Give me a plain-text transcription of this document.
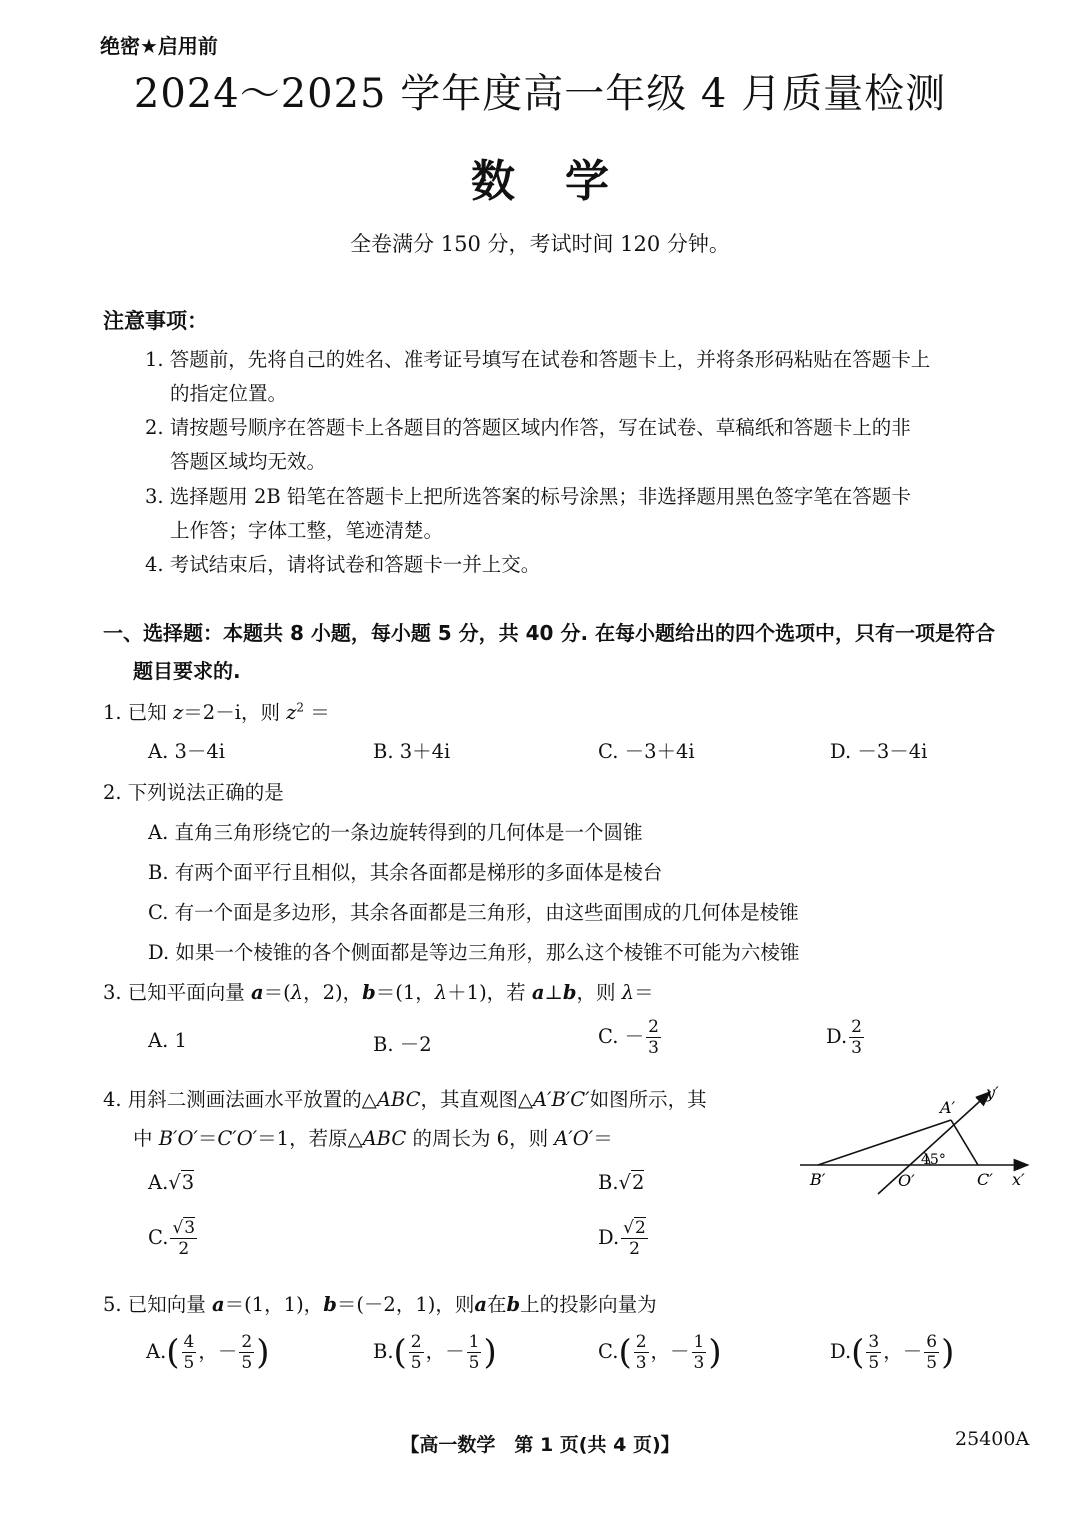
绝密★启用前
2024～2025 学年度高一年级 4 月质量检测
数学
全卷满分 150 分，考试时间 120 分钟。
注意事项：
1. 答题前，先将自己的姓名、准考证号填写在试卷和答题卡上，并将条形码粘贴在答题卡上
的指定位置。
2. 请按题号顺序在答题卡上各题目的答题区域内作答，写在试卷、草稿纸和答题卡上的非
答题区域均无效。
3. 选择题用 2B 铅笔在答题卡上把所选答案的标号涂黑；非选择题用黑色签字笔在答题卡
上作答；字体工整，笔迹清楚。
4. 考试结束后，请将试卷和答题卡一并上交。
一、选择题：本题共 8 小题，每小题 5 分，共 40 分. 在每小题给出的四个选项中，只有一项是符合
题目要求的.
1. 已知 z＝2－i，则 $z^2$ ＝
A. 3－4i	B. 3＋4i	C. －3＋4i	D. －3－4i
2. 下列说法正确的是
A. 直角三角形绕它的一条边旋转得到的几何体是一个圆锥
B. 有两个面平行且相似，其余各面都是梯形的多面体是棱台
C. 有一个面是多边形，其余各面都是三角形，由这些面围成的几何体是棱锥
D. 如果一个棱锥的各个侧面都是等边三角形，那么这个棱锥不可能为六棱锥
3. 已知平面向量 a＝(λ，2)，b＝(1，λ＋1)，若 a⊥b，则 λ＝
A. 1	B. －2	C. － $\frac{2}{3}$	D. $\frac{2}{3}$
4. 用斜二测画法画水平放置的△ABC，其直观图△A′B′C′如图所示，其
中 B′O′＝C′O′＝1，若原△ABC 的周长为 6，则 A′O′＝
A.√3	B.√2
C. $\frac{√3}{2}$	D. $\frac{√2}{2}$
A′
y′
B′	O′	C′ x′
45°
5. 已知向量 a＝(1，1)，b＝(－2，1)，则a在b上的投影向量为
$A.( \frac{4}{5}$ ，－ $\frac{2}{5}$ )	$B.( \frac{2}{5}$ ，－ $\frac{1}{5}$ )	$C.( \frac{2}{3}$ ，－ $\frac{1}{3}$ )	$D.( \frac{3}{5}$ ，－ $\frac{6}{5}$ )
【高一数学　第 1 页(共 4 页)】	25400A
